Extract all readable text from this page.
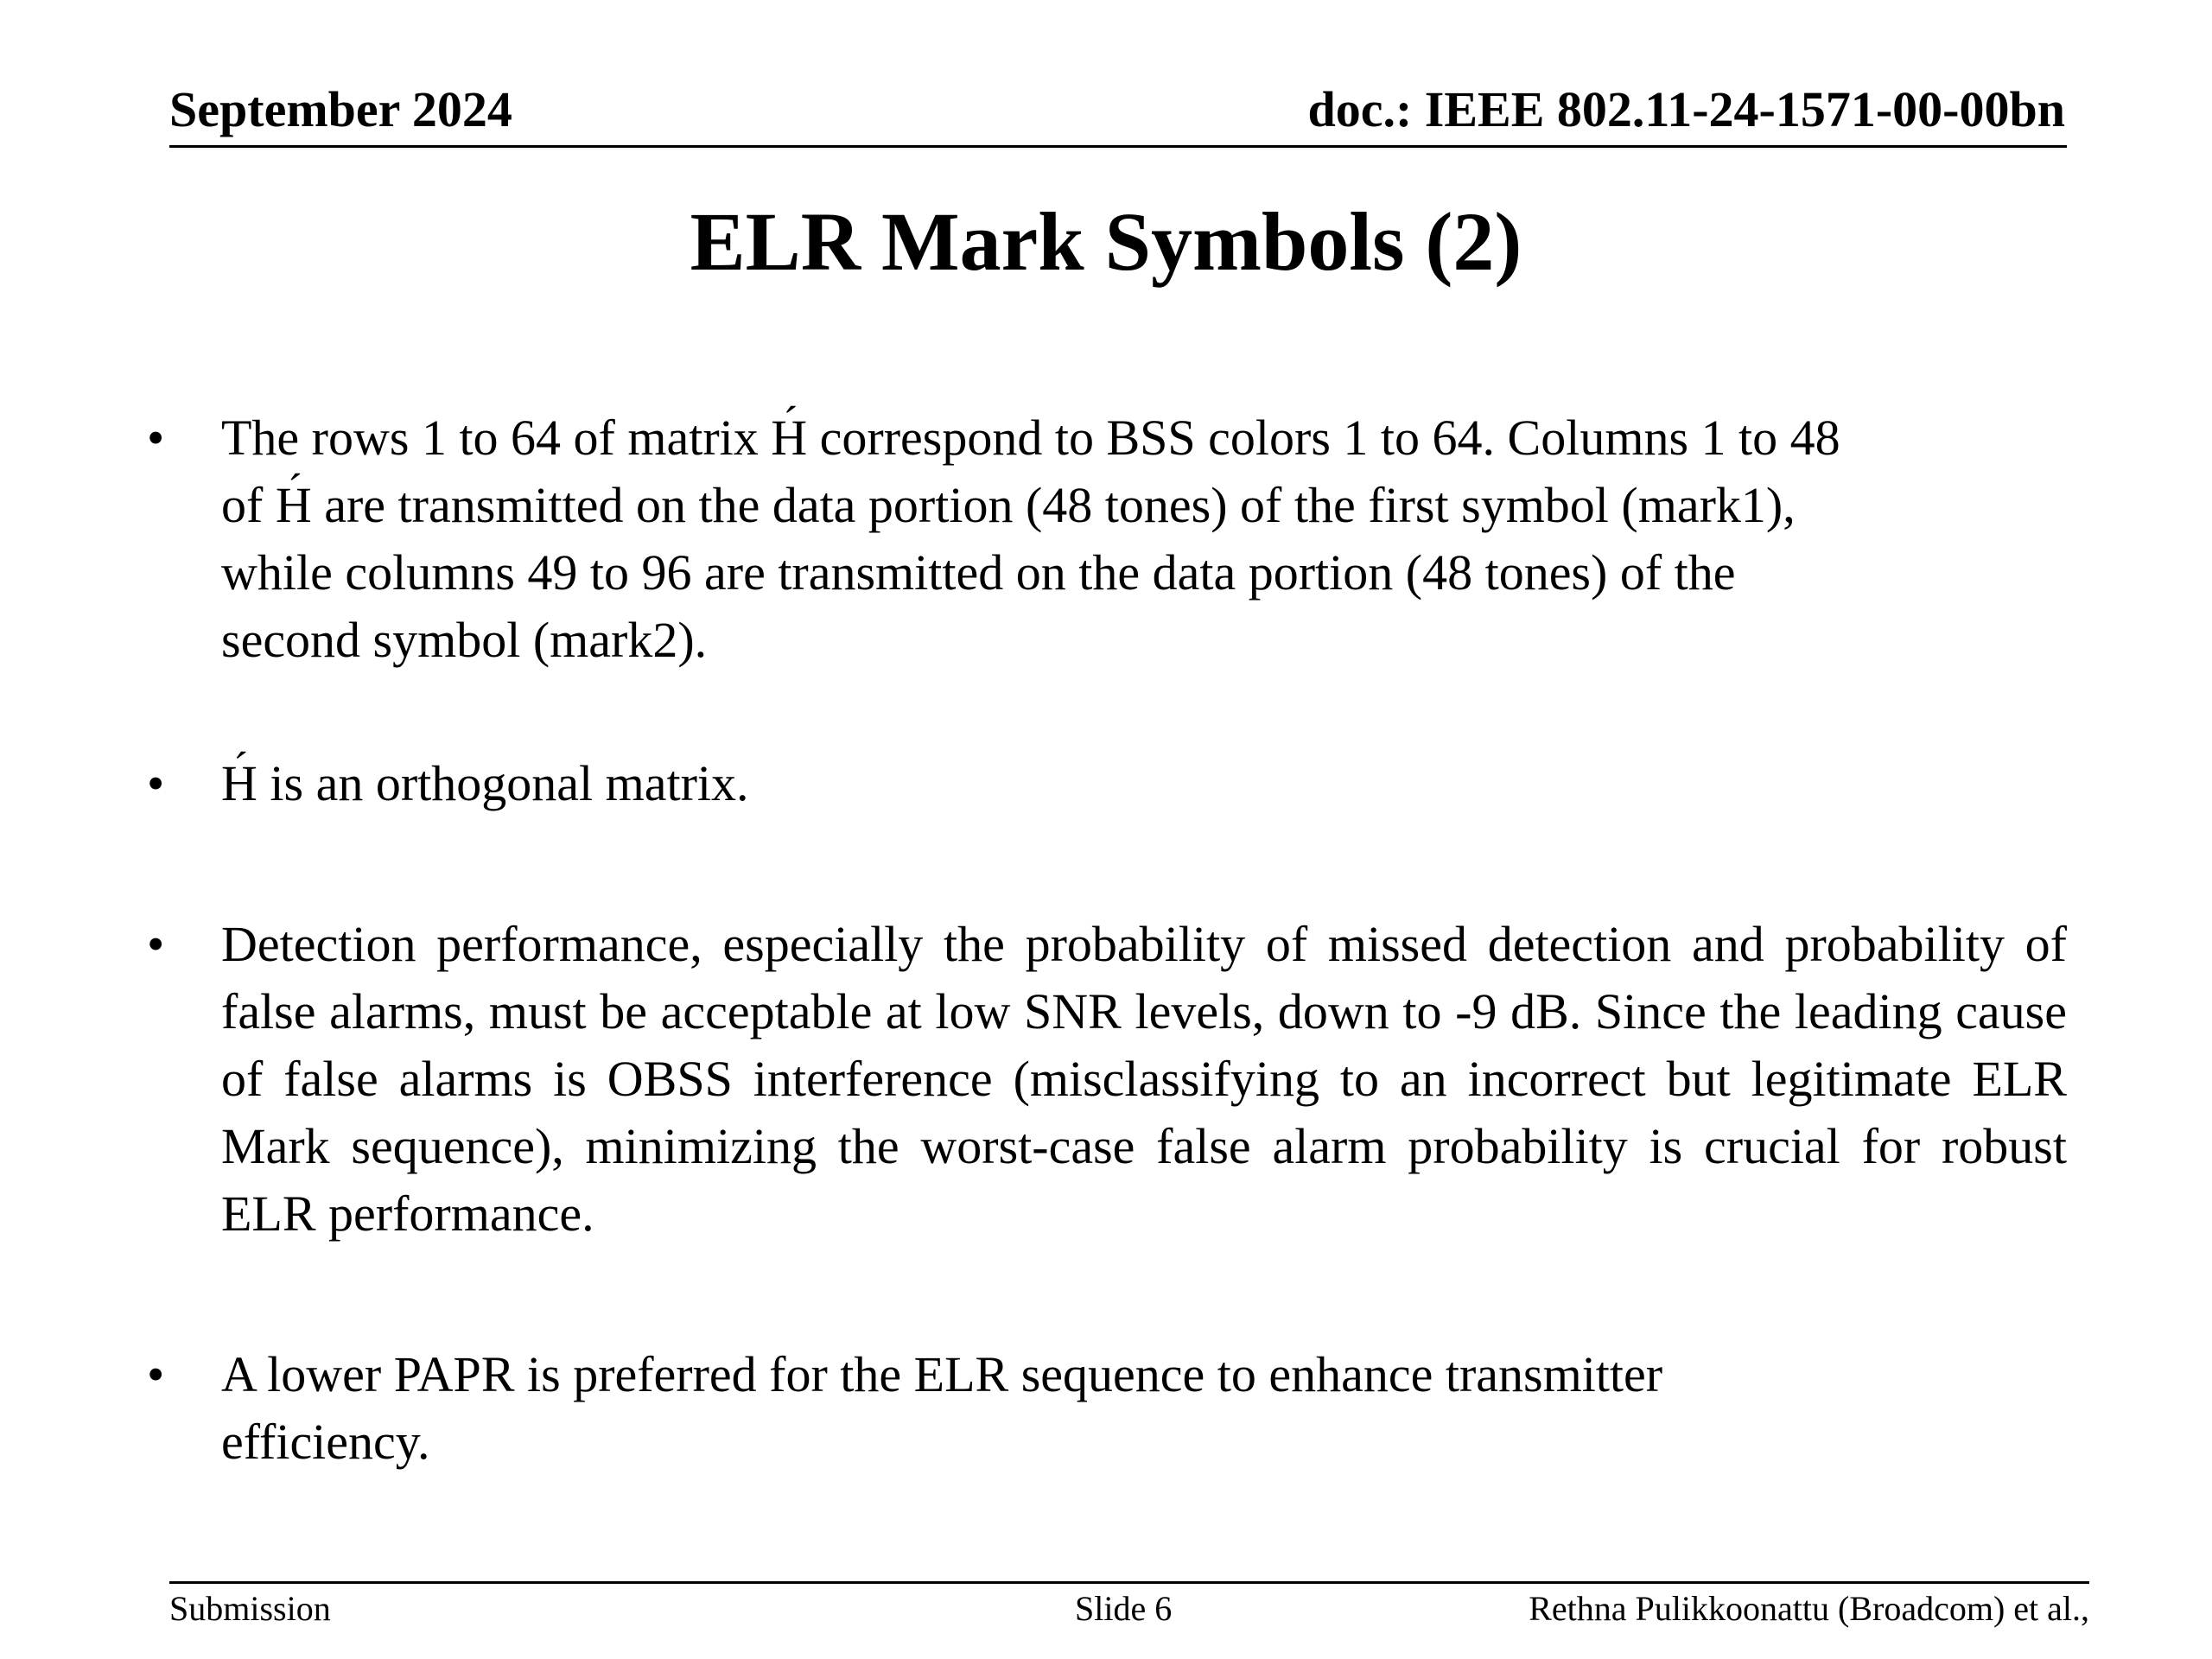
September 2024	doc.: IEEE 802.11-24-1571-00-00bn
ELR Mark Symbols (2)
• The rows 1 to 64 of matrix ´ H correspond to BSS colors 1 to 64. Columns 1 to 48
of ´ H are transmitted on the data portion (48 tones) of the first symbol (mark1),
while columns 49 to 96 are transmitted on the data portion (48 tones) of the
second symbol (mark2).
•
´ H is an orthogonal matrix.
• Detection performance, especially the probability of missed detection and probability of false alarms, must be acceptable at low SNR levels, down to -9 dB. Since the leading cause of false alarms is OBSS interference (misclassifying to an incorrect but legitimate ELR Mark sequence), minimizing the worst-case false alarm probability is crucial for robust ELR performance.
• A lower PAPR is preferred for the ELR sequence to enhance transmitter
efficiency.
Submission	Slide 6	Rethna Pulikkoonattu (Broadcom) et al.,
